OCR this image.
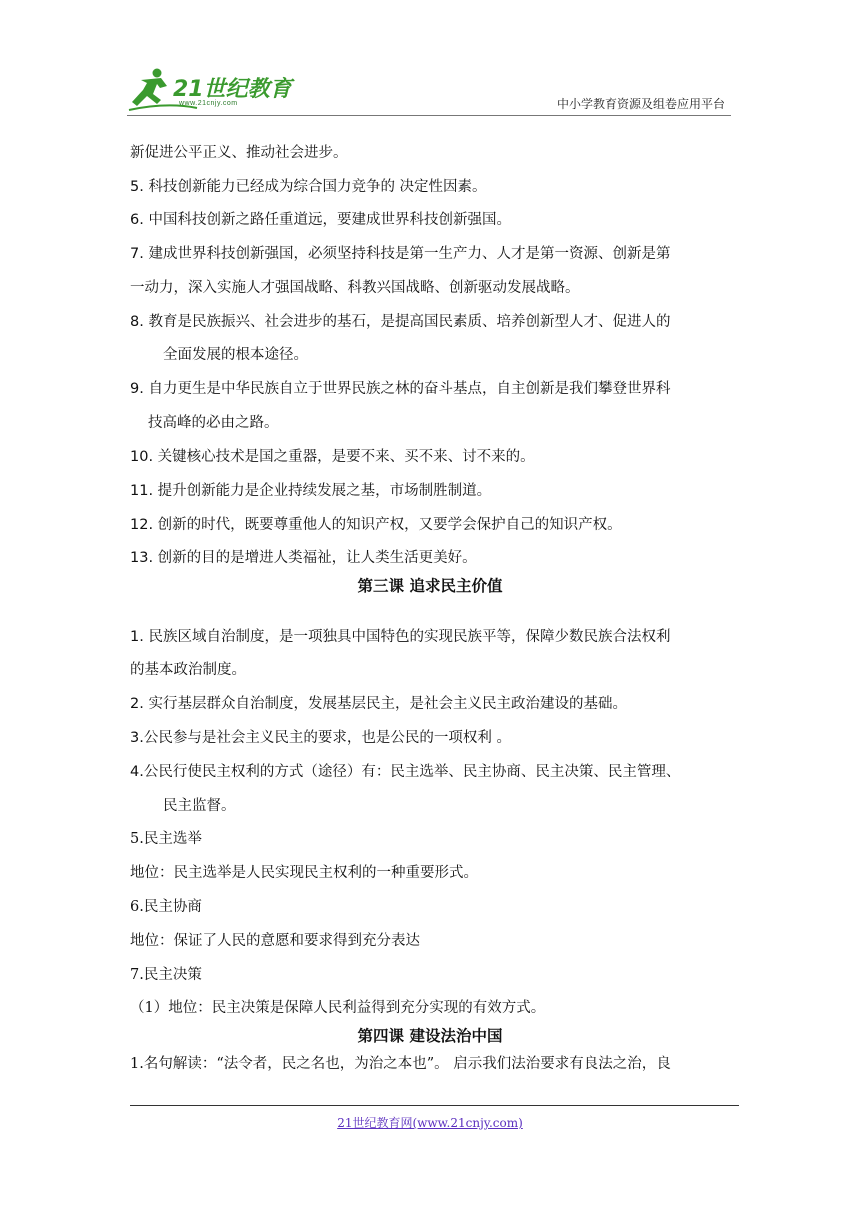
21世纪教育
www.21cnjy.com	中小学教育资源及组卷应用平台
新促进公平正义、推动社会进步。
5. 科技创新能力已经成为综合国力竞争的 决定性因素。
6. 中国科技创新之路任重道远，要建成世界科技创新强国。
7. 建成世界科技创新强国，必须坚持科技是第一生产力、人才是第一资源、创新是第
一动力，深入实施人才强国战略、科教兴国战略、创新驱动发展战略。
8. 教育是民族振兴、社会进步的基石，是提高国民素质、培养创新型人才、促进人的
全面发展的根本途径。
9. 自力更生是中华民族自立于世界民族之林的奋斗基点，自主创新是我们攀登世界科
技高峰的必由之路。
10. 关键核心技术是国之重器，是要不来、买不来、讨不来的。
11. 提升创新能力是企业持续发展之基，市场制胜制道。
12. 创新的时代，既要尊重他人的知识产权，又要学会保护自己的知识产权。
13. 创新的目的是增进人类福祉，让人类生活更美好。
第三课 追求民主价值
1. 民族区域自治制度，是一项独具中国特色的实现民族平等，保障少数民族合法权利
的基本政治制度。
2. 实行基层群众自治制度，发展基层民主，是社会主义民主政治建设的基础。
3.公民参与是社会主义民主的要求，也是公民的一项权利 。
4.公民行使民主权利的方式（途径）有：民主选举、民主协商、民主决策、民主管理、
民主监督。
5.民主选举
地位：民主选举是人民实现民主权利的一种重要形式。
6.民主协商
地位：保证了人民的意愿和要求得到充分表达
7.民主决策
（1）地位：民主决策是保障人民利益得到充分实现的有效方式。
第四课 建设法治中国
1.名句解读：“法令者，民之名也，为治之本也”。 启示我们法治要求有良法之治，良
21世纪教育网(www.21cnjy.com)
